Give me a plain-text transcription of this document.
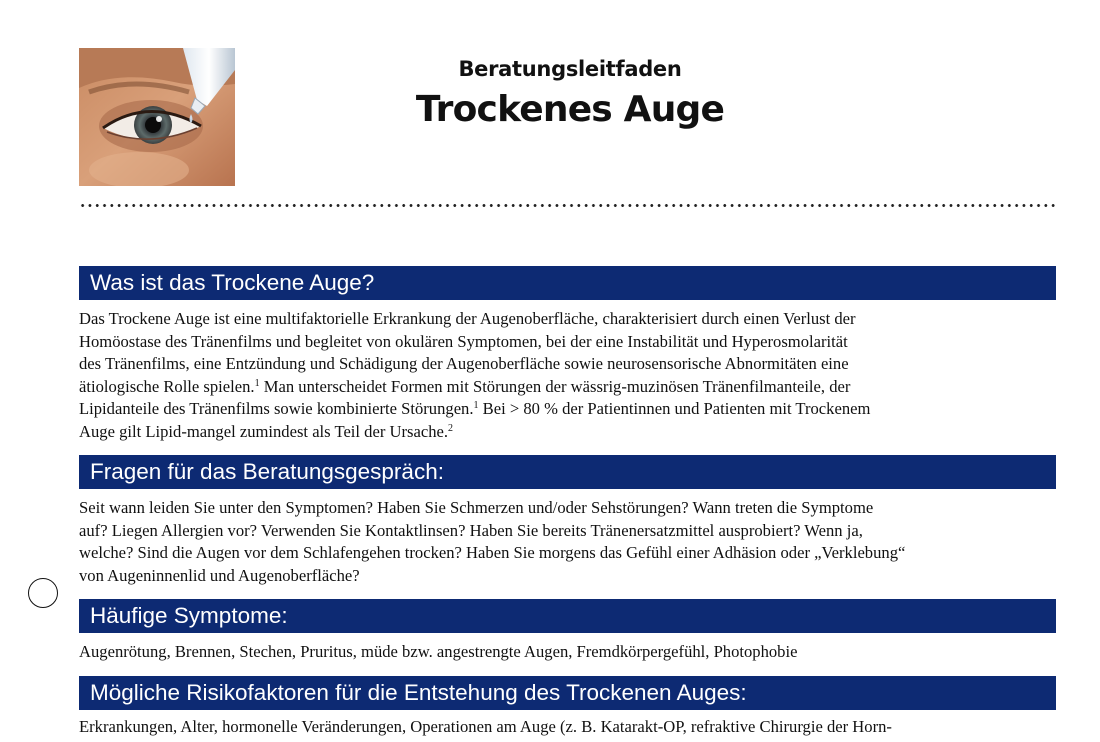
Beratungsleitfaden
Trockenes Auge
Was ist das Trockene Auge?
Das Trockene Auge ist eine multifaktorielle Erkrankung der Augenoberfläche, charakterisiert durch einen Verlust der
Homöostase des Tränenfilms und begleitet von okulären Symptomen, bei der eine Instabilität und Hyperosmolarität
des Tränenfilms, eine Entzündung und Schädigung der Augenoberfläche sowie neurosensorische Abnormitäten eine
ätiologische Rolle spielen.$^1$ Man unterscheidet Formen mit Störungen der wässrig-muzinösen Tränenfilmanteile, der
Lipidanteile des Tränenfilms sowie kombinierte Störungen.$^1$ Bei > 80 % der Patientinnen und Patienten mit Trockenem
Auge gilt Lipid-mangel zumindest als Teil der Ursache.$^2$
Fragen für das Beratungsgespräch:
Seit wann leiden Sie unter den Symptomen? Haben Sie Schmerzen und/oder Sehstörungen? Wann treten die Symptome
auf? Liegen Allergien vor? Verwenden Sie Kontaktlinsen? Haben Sie bereits Tränenersatzmittel ausprobiert? Wenn ja,
welche? Sind die Augen vor dem Schlafengehen trocken? Haben Sie morgens das Gefühl einer Adhäsion oder „Verklebung“
von Augeninnenlid und Augenoberfläche?
Häufige Symptome:
Augenrötung, Brennen, Stechen, Pruritus, müde bzw. angestrengte Augen, Fremdkörpergefühl, Photophobie
Mögliche Risikofaktoren für die Entstehung des Trockenen Auges:
Erkrankungen, Alter, hormonelle Veränderungen, Operationen am Auge (z. B. Katarakt-OP, refraktive Chirurgie der Horn-
